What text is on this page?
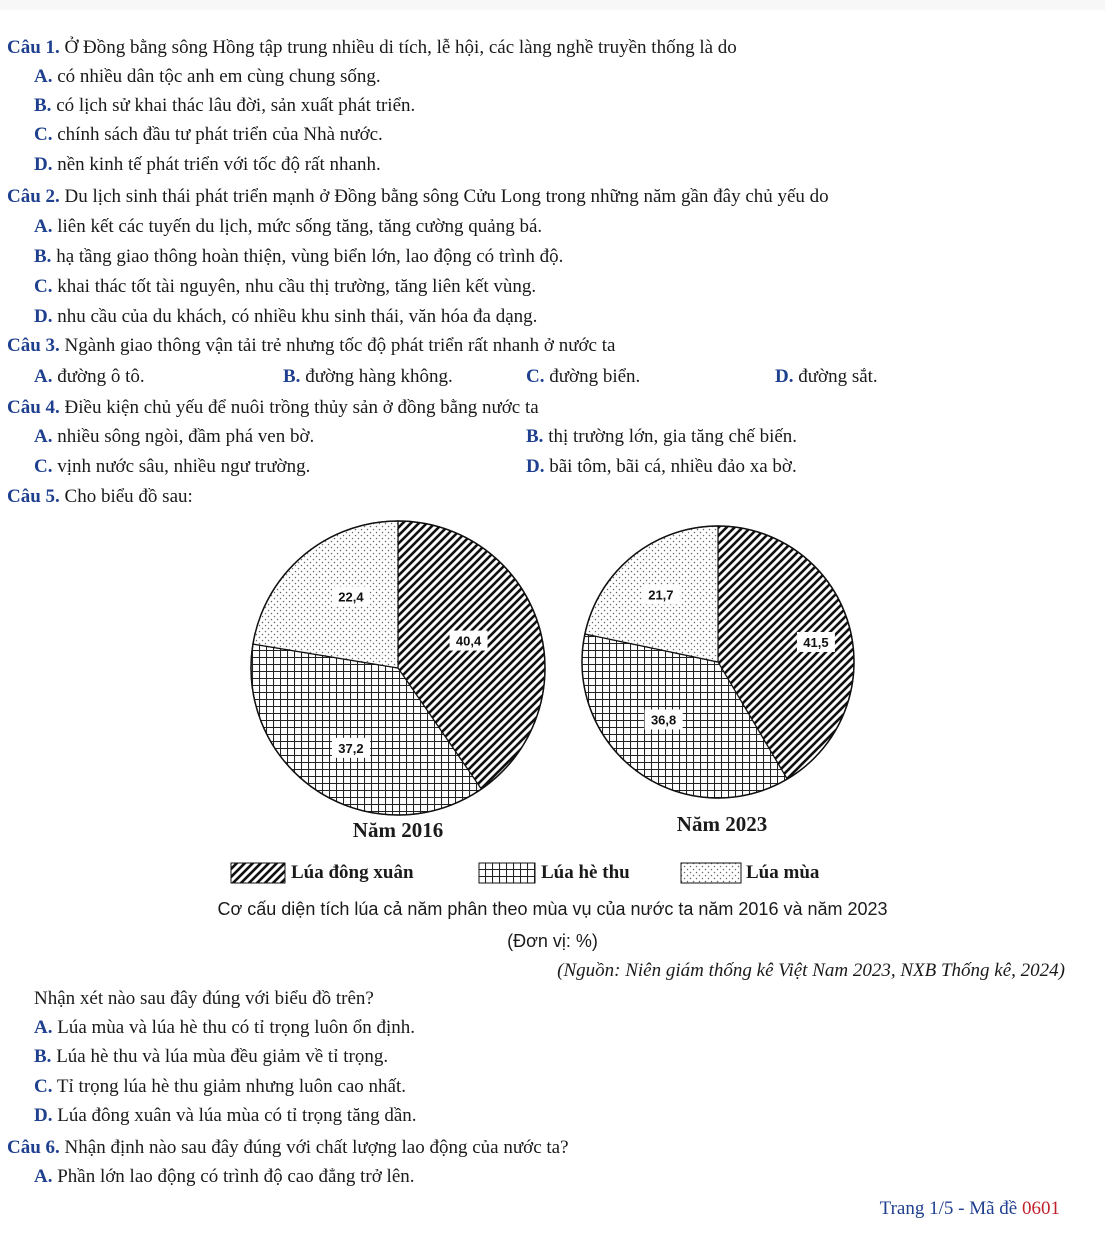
Câu 1. Ở Đồng bằng sông Hồng tập trung nhiều di tích, lễ hội, các làng nghề truyền thống là do
A. có nhiều dân tộc anh em cùng chung sống.
B. có lịch sử khai thác lâu đời, sản xuất phát triển.
C. chính sách đầu tư phát triển của Nhà nước.
D. nền kinh tế phát triển với tốc độ rất nhanh.
Câu 2. Du lịch sinh thái phát triển mạnh ở Đồng bằng sông Cửu Long trong những năm gần đây chủ yếu do
A. liên kết các tuyến du lịch, mức sống tăng, tăng cường quảng bá.
B. hạ tầng giao thông hoàn thiện, vùng biển lớn, lao động có trình độ.
C. khai thác tốt tài nguyên, nhu cầu thị trường, tăng liên kết vùng.
D. nhu cầu của du khách, có nhiều khu sinh thái, văn hóa đa dạng.
Câu 3. Ngành giao thông vận tải trẻ nhưng tốc độ phát triển rất nhanh ở nước ta
A. đường ô tô.	B. đường hàng không.	C. đường biển.	D. đường sắt.
Câu 4. Điều kiện chủ yếu để nuôi trồng thủy sản ở đồng bằng nước ta
A. nhiều sông ngòi, đầm phá ven bờ.	B. thị trường lớn, gia tăng chế biến.
C. vịnh nước sâu, nhiều ngư trường.	D. bãi tôm, bãi cá, nhiều đảo xa bờ.
Câu 5. Cho biểu đồ sau:
40,4
37,2
22,4
41,5
36,8
21,7
Năm 2016	Năm 2023
Lúa đông xuân	Lúa hè thu	Lúa mùa
Cơ cấu diện tích lúa cả năm phân theo mùa vụ của nước ta năm 2016 và năm 2023
(Đơn vị: %)
(Nguồn: Niên giám thống kê Việt Nam 2023, NXB Thống kê, 2024)
Nhận xét nào sau đây đúng với biểu đồ trên?
A. Lúa mùa và lúa hè thu có tỉ trọng luôn ổn định.
B. Lúa hè thu và lúa mùa đều giảm về tỉ trọng.
C. Tỉ trọng lúa hè thu giảm nhưng luôn cao nhất.
D. Lúa đông xuân và lúa mùa có tỉ trọng tăng dần.
Câu 6. Nhận định nào sau đây đúng với chất lượng lao động của nước ta?
A. Phần lớn lao động có trình độ cao đẳng trở lên.
Trang 1/5 - Mã đề 0601
